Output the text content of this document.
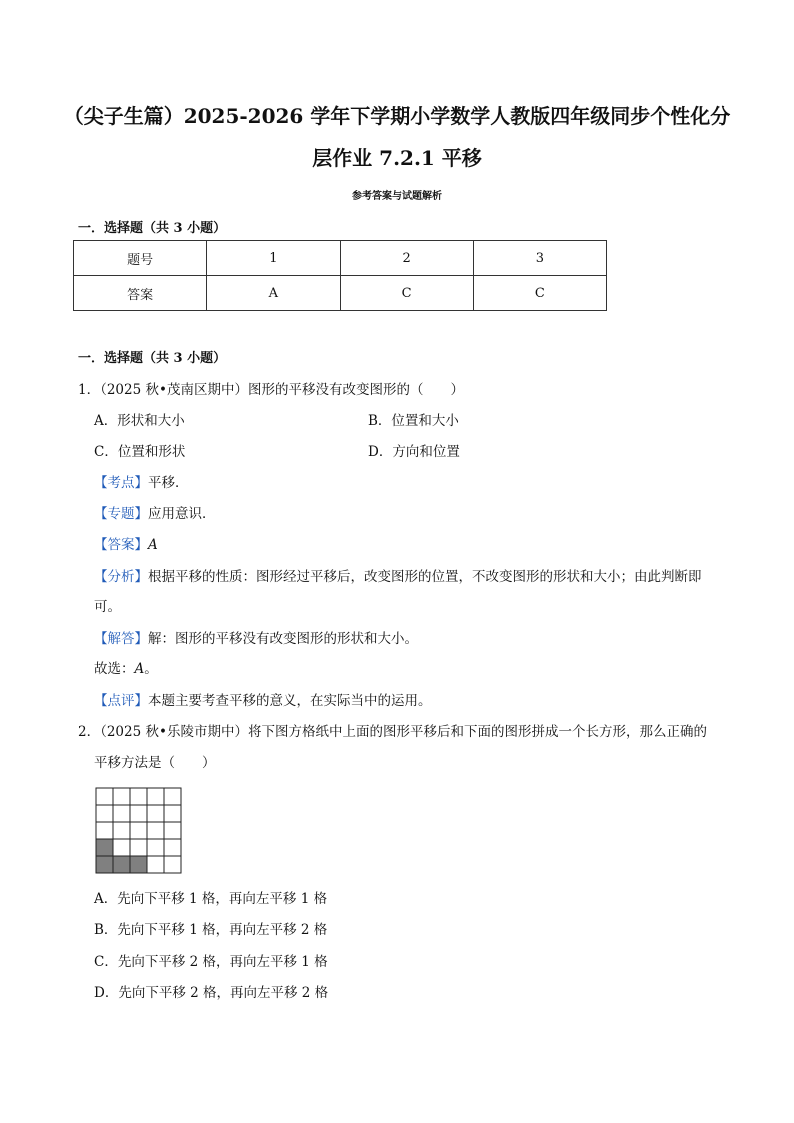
（尖子生篇）2025-2026 学年下学期小学数学人教版四年级同步个性化分
层作业 7.2.1 平移
参考答案与试题解析
一．选择题（共 3 小题）
题号	1	2	3
答案	A	C	C
一．选择题（共 3 小题）
1．（2025 秋•茂南区期中）图形的平移没有改变图形的（　　）
A．形状和大小	B．位置和大小
C．位置和形状	D．方向和位置
【考点】平移．
【专题】应用意识．
【答案】A
【分析】根据平移的性质：图形经过平移后，改变图形的位置，不改变图形的形状和大小；由此判断即
可。
【解答】解：图形的平移没有改变图形的形状和大小。
故选：A。
【点评】本题主要考查平移的意义，在实际当中的运用。
2．（2025 秋•乐陵市期中）将下图方格纸中上面的图形平移后和下面的图形拼成一个长方形，那么正确的
平移方法是（　　）
A．先向下平移 1 格，再向左平移 1 格
B．先向下平移 1 格，再向左平移 2 格
C．先向下平移 2 格，再向左平移 1 格
D．先向下平移 2 格，再向左平移 2 格
